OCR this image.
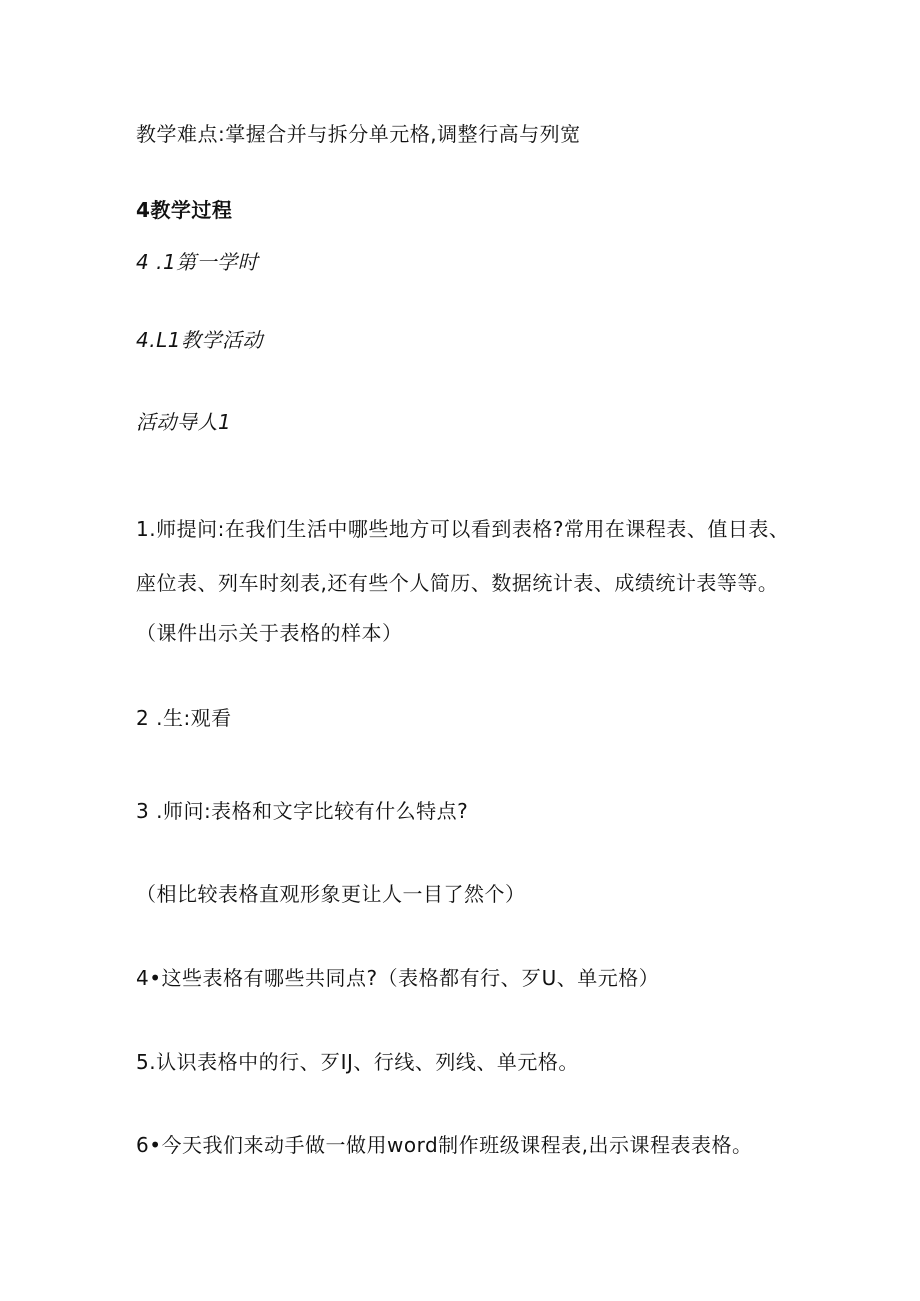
教学难点:掌握合并与拆分单元格,调整行高与列宽
4教学过程
4 .1第一学时
4.L1教学活动
活动导人1
1.师提问:在我们生活中哪些地方可以看到表格?常用在课程表、值日表、
座位表、列车时刻表,还有些个人简历、数据统计表、成绩统计表等等。
（课件出示关于表格的样本）
2 .生:观看
3 .师问:表格和文字比较有什么特点?
（相比较表格直观形象更让人一目了然个）
4•这些表格有哪些共同点?（表格都有行、歹U、单元格）
5.认识表格中的行、歹IJ、行线、列线、单元格。
6•今天我们来动手做一做用word制作班级课程表,出示课程表表格。
